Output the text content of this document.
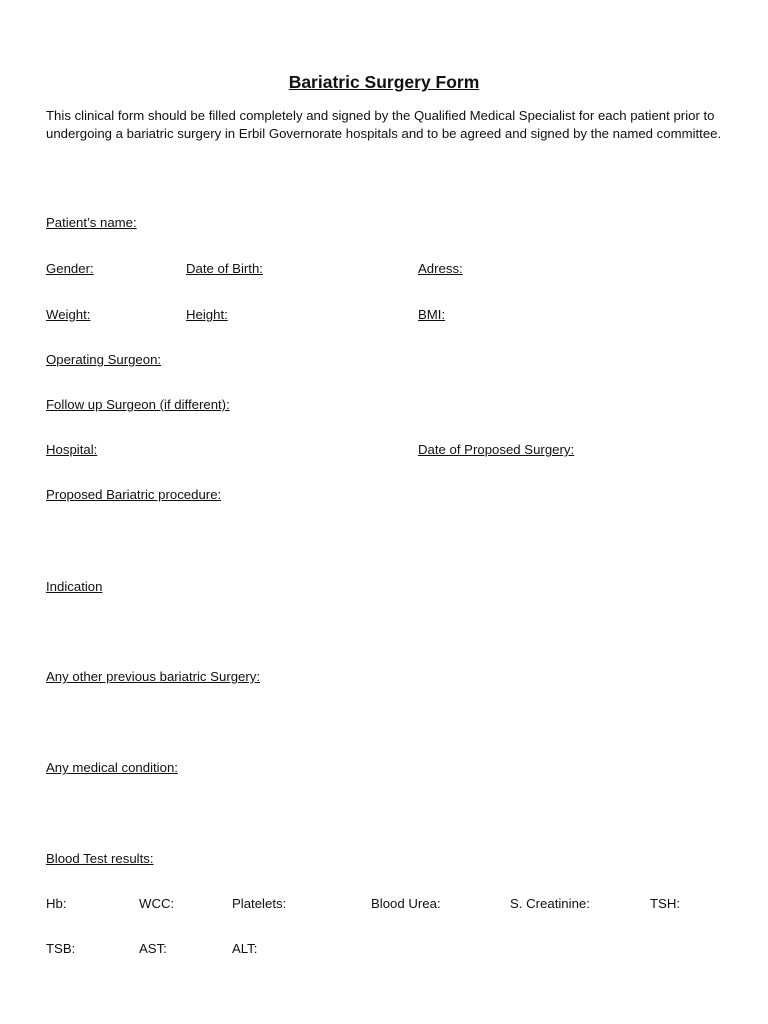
Bariatric Surgery Form

This clinical form should be filled completely and signed by the Qualified Medical Specialist for each patient prior to undergoing a bariatric surgery in Erbil Governorate hospitals and to be agreed and signed by the named committee.

Patient’s name:
Gender:	Date of Birth:	Adress:
Weight:	Height:	BMI:
Operating Surgeon:
Follow up Surgeon (if different):
Hospital:	Date of Proposed Surgery:
Proposed Bariatric procedure:
Indication
Any other previous bariatric Surgery:
Any medical condition:
Blood Test results:
Hb:	WCC:	Platelets:	Blood Urea:	S. Creatinine:	TSH:
TSB:	AST:	ALT:
